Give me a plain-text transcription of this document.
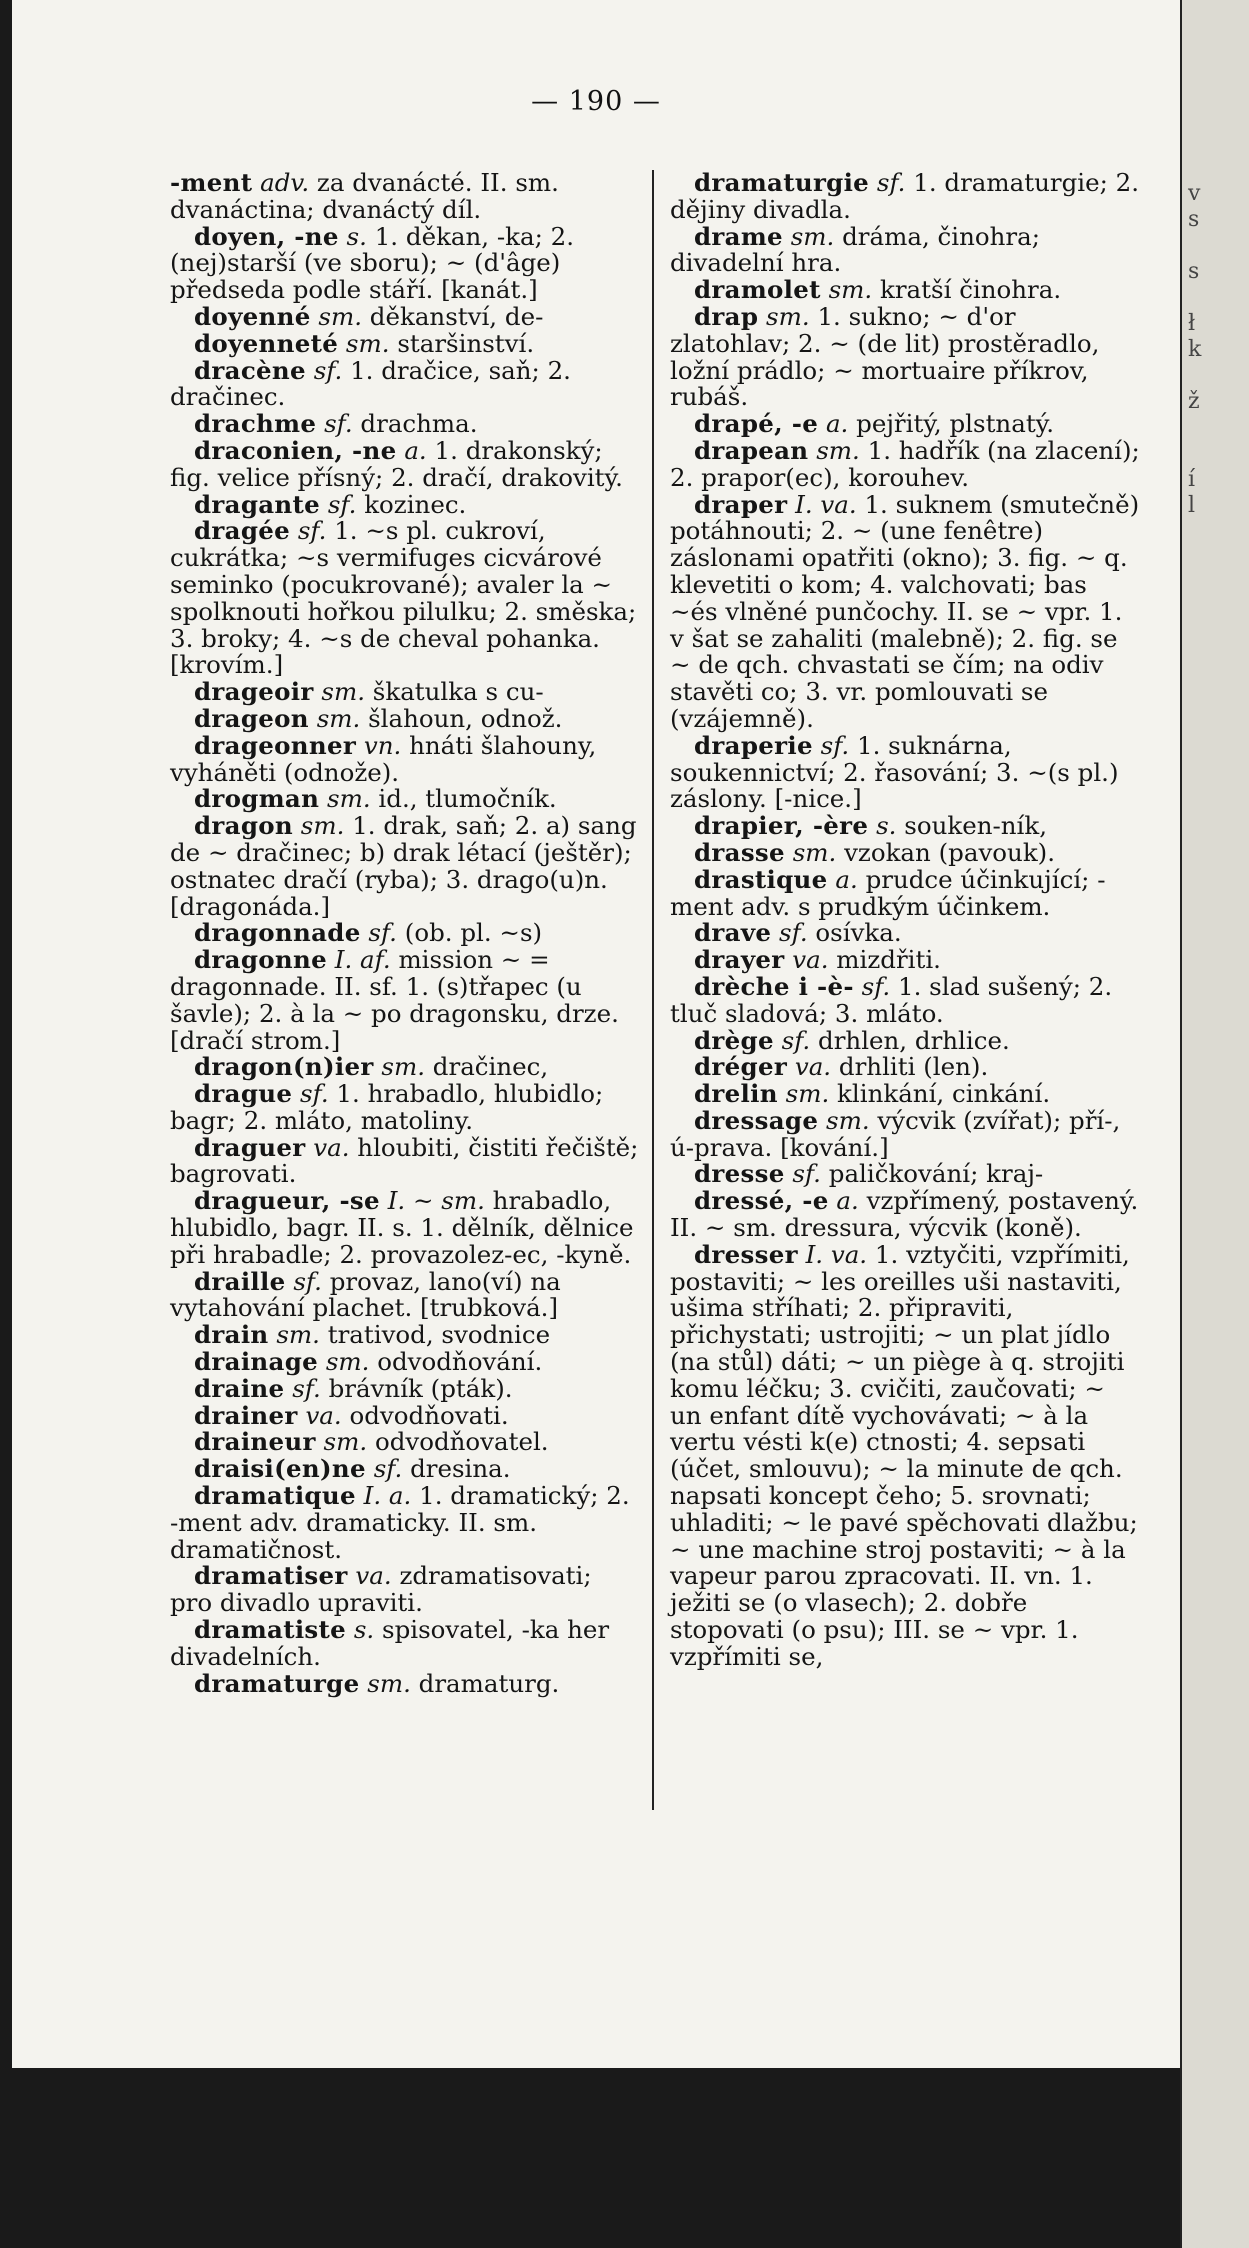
— 190 —

-ment adv. za dvanácté. II. sm. dvanáctina; dvanáctý díl.

doyen, -ne s. 1. děkan, -ka; 2. (nej)starší (ve sboru); ~ (d'âge) předseda podle stáří. [kanát.]

doyenné sm. děkanství, de-

doyenneté sm. staršinství.

dracène sf. 1. dračice, saň; 2. dračinec.

drachme sf. drachma.

draconien, -ne a. 1. drakonský; fig. velice přísný; 2. dračí, drakovitý.

dragante sf. kozinec.

dragée sf. 1. ~s pl. cukroví, cukrátka; ~s vermifuges cicvárové seminko (pocukrované); avaler la ~ spolknouti hořkou pilulku; 2. směska; 3. broky; 4. ~s de cheval pohanka. [krovím.]

drageoir sm. škatulka s cu-

drageon sm. šlahoun, odnož.

drageonner vn. hnáti šlahouny, vyháněti (odnože).

drogman sm. id., tlumočník.

dragon sm. 1. drak, saň; 2. a) sang de ~ dračinec; b) drak létací (ještěr); ostnatec dračí (ryba); 3. drago(u)n. [dragonáda.]

dragonnade sf. (ob. pl. ~s)

dragonne I. af. mission ~ = dragonnade. II. sf. 1. (s)třapec (u šavle); 2. à la ~ po dragonsku, drze. [dračí strom.]

dragon(n)ier sm. dračinec,

drague sf. 1. hrabadlo, hlubidlo; bagr; 2. mláto, matoliny.

draguer va. hloubiti, čistiti řečiště; bagrovati.

dragueur, -se I. ~ sm. hrabadlo, hlubidlo, bagr. II. s. 1. dělník, dělnice při hrabadle; 2. provazolez-ec, -kyně.

draille sf. provaz, lano(ví) na vytahování plachet. [trubková.]

drain sm. trativod, svodnice

drainage sm. odvodňování.

draine sf. brávník (pták).

drainer va. odvodňovati.

draineur sm. odvodňovatel.

draisi(en)ne sf. dresina.

dramatique I. a. 1. dramatický; 2. -ment adv. dramaticky. II. sm. dramatičnost.

dramatiser va. zdramatisovati; pro divadlo upraviti.

dramatiste s. spisovatel, -ka her divadelních.

dramaturge sm. dramaturg.

dramaturgie sf. 1. dramaturgie; 2. dějiny divadla.

drame sm. dráma, činohra; divadelní hra.

dramolet sm. kratší činohra.

drap sm. 1. sukno; ~ d'or zlatohlav; 2. ~ (de lit) prostěradlo, ložní prádlo; ~ mortuaire příkrov, rubáš.

drapé, -e a. pejřitý, plstnatý.

drapean sm. 1. hadřík (na zlacení); 2. prapor(ec), korouhev.

draper I. va. 1. suknem (smutečně) potáhnouti; 2. ~ (une fenêtre) záslonami opatřiti (okno); 3. fig. ~ q. klevetiti o kom; 4. valchovati; bas ~és vlněné punčochy. II. se ~ vpr. 1. v šat se zahaliti (malebně); 2. fig. se ~ de qch. chvastati se čím; na odiv stavěti co; 3. vr. pomlouvati se (vzájemně).

draperie sf. 1. suknárna, soukennictví; 2. řasování; 3. ~(s pl.) záslony. [-nice.]

drapier, -ère s. souken-ník,

drasse sm. vzokan (pavouk).

drastique a. prudce účinkující; -ment adv. s prudkým účinkem.

drave sf. osívka.

drayer va. mizdřiti.

drèche i -è- sf. 1. slad sušený; 2. tluč sladová; 3. mláto.

drège sf. drhlen, drhlice.

dréger va. drhliti (len).

drelin sm. klinkání, cinkání.

dressage sm. výcvik (zvířat); pří-, ú-prava. [kování.]

dresse sf. paličkování; kraj-

dressé, -e a. vzpřímený, postavený. II. ~ sm. dressura, výcvik (koně).

dresser I. va. 1. vztyčiti, vzpřímiti, postaviti; ~ les oreilles uši nastaviti, ušima stříhati; 2. připraviti, přichystati; ustrojiti; ~ un plat jídlo (na stůl) dáti; ~ un piège à q. strojiti komu léčku; 3. cvičiti, zaučovati; ~ un enfant dítě vychovávati; ~ à la vertu vésti k(e) ctnosti; 4. sepsati (účet, smlouvu); ~ la minute de qch. napsati koncept čeho; 5. srovnati; uhladiti; ~ le pavé spěchovati dlažbu; ~ une machine stroj postaviti; ~ à la vapeur parou zpracovati. II. vn. 1. ježiti se (o vlasech); 2. dobře stopovati (o psu); III. se ~ vpr. 1. vzpřímiti se,

v
s

s

ł
k

ž

í
l
